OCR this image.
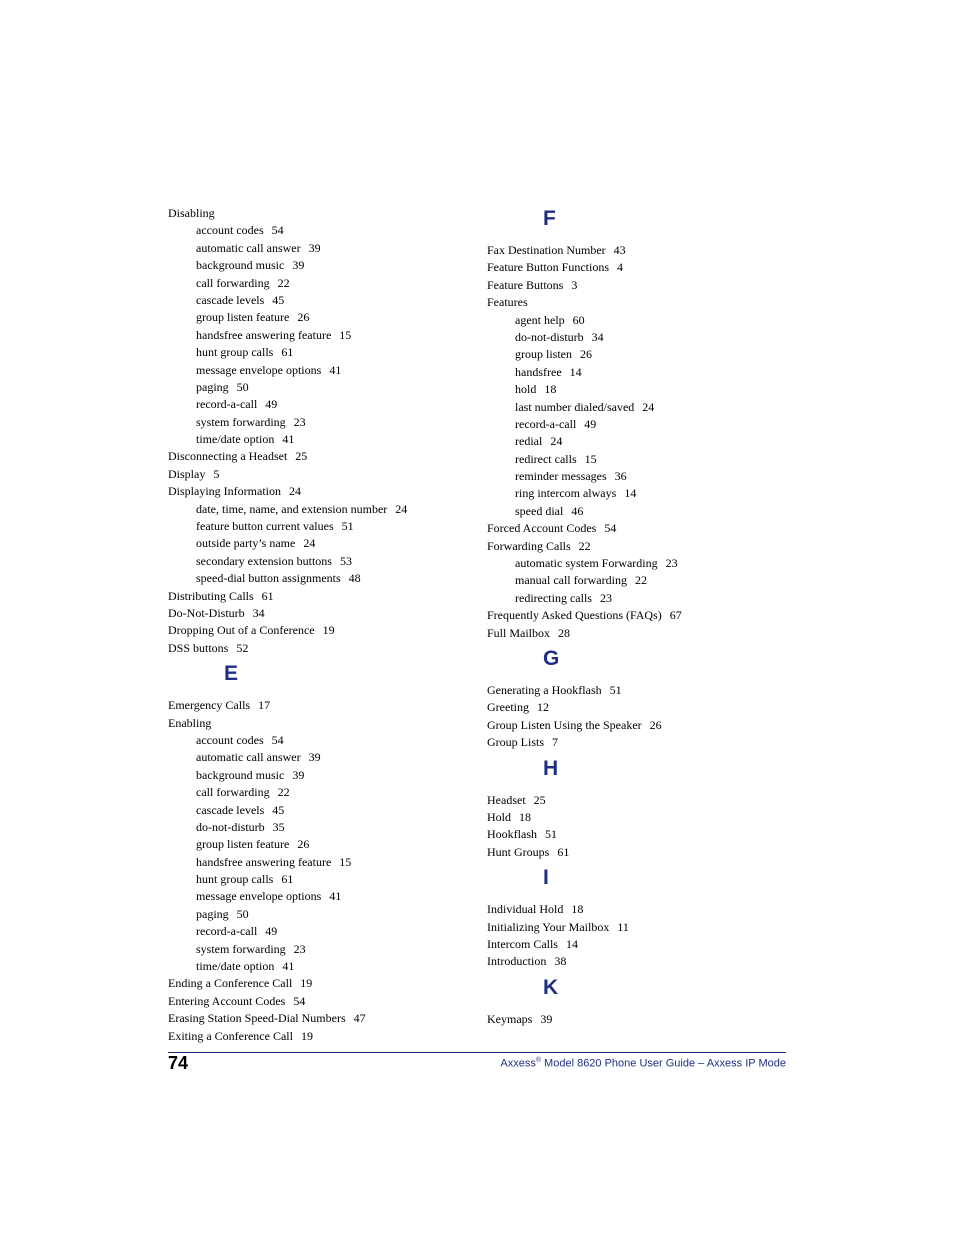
Disabling
account codes 54
automatic call answer 39
background music 39
call forwarding 22
cascade levels 45
group listen feature 26
handsfree answering feature 15
hunt group calls 61
message envelope options 41
paging 50
record-a-call 49
system forwarding 23
time/date option 41
Disconnecting a Headset 25
Display 5
Displaying Information 24
date, time, name, and extension number 24
feature button current values 51
outside party’s name 24
secondary extension buttons 53
speed-dial button assignments 48
Distributing Calls 61
Do-Not-Disturb 34
Dropping Out of a Conference 19
DSS buttons 52
E
Emergency Calls 17
Enabling
account codes 54
automatic call answer 39
background music 39
call forwarding 22
cascade levels 45
do-not-disturb 35
group listen feature 26
handsfree answering feature 15
hunt group calls 61
message envelope options 41
paging 50
record-a-call 49
system forwarding 23
time/date option 41
Ending a Conference Call 19
Entering Account Codes 54
Erasing Station Speed-Dial Numbers 47
Exiting a Conference Call 19
F
Fax Destination Number 43
Feature Button Functions 4
Feature Buttons 3
Features
agent help 60
do-not-disturb 34
group listen 26
handsfree 14
hold 18
last number dialed/saved 24
record-a-call 49
redial 24
redirect calls 15
reminder messages 36
ring intercom always 14
speed dial 46
Forced Account Codes 54
Forwarding Calls 22
automatic system Forwarding 23
manual call forwarding 22
redirecting calls 23
Frequently Asked Questions (FAQs) 67
Full Mailbox 28
G
Generating a Hookflash 51
Greeting 12
Group Listen Using the Speaker 26
Group Lists 7
H
Headset 25
Hold 18
Hookflash 51
Hunt Groups 61
I
Individual Hold 18
Initializing Your Mailbox 11
Intercom Calls 14
Introduction 38
K
Keymaps 39
74	Axxess® Model 8620 Phone User Guide – Axxess IP Mode
